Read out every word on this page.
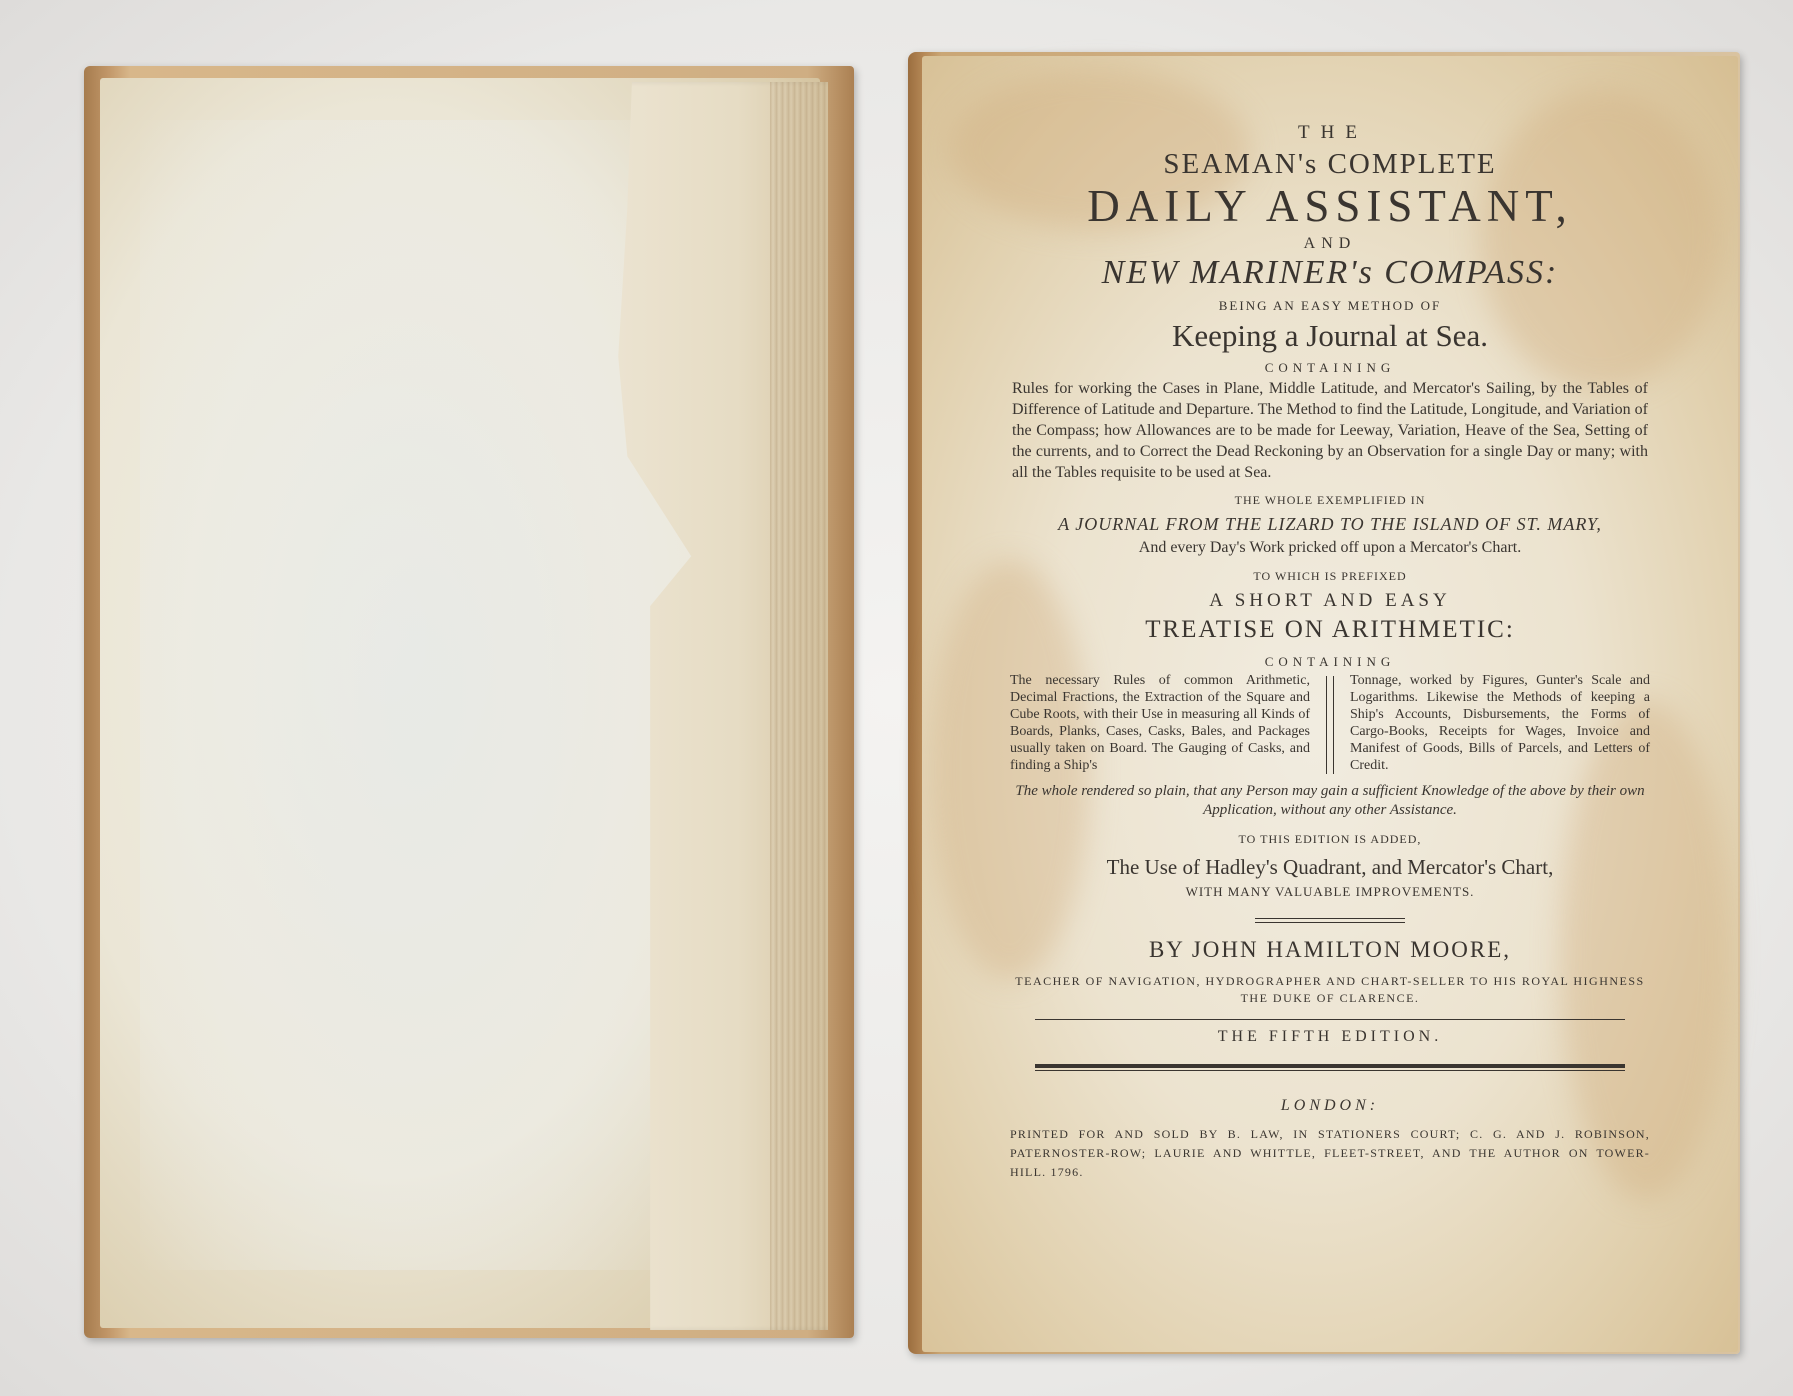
THE
SEAMAN's COMPLETE
DAILY ASSISTANT,
AND
NEW MARINER's COMPASS:
BEING AN EASY METHOD OF
Keeping a Journal at Sea.
CONTAINING
Rules for working the Cases in Plane, Middle Latitude, and Mercator's Sailing, by the Tables of Difference of Latitude and Departure. The Method to find the Latitude, Longitude, and Variation of the Compass; how Allowances are to be made for Leeway, Variation, Heave of the Sea, Setting of the currents, and to Correct the Dead Reckoning by an Observation for a single Day or many; with all the Tables requisite to be used at Sea.
THE WHOLE EXEMPLIFIED IN
A JOURNAL FROM THE LIZARD TO THE ISLAND OF ST. MARY,
And every Day's Work pricked off upon a Mercator's Chart.
TO WHICH IS PREFIXED
A SHORT AND EASY
TREATISE ON ARITHMETIC:
CONTAINING
The necessary Rules of common Arithmetic, Decimal Fractions, the Extraction of the Square and Cube Roots, with their Use in measuring all Kinds of Boards, Planks, Cases, Casks, Bales, and Packages usually taken on Board. The Gauging of Casks, and finding a Ship's
Tonnage, worked by Figures, Gunter's Scale and Logarithms. Likewise the Methods of keeping a Ship's Accounts, Disbursements, the Forms of Cargo-Books, Receipts for Wages, Invoice and Manifest of Goods, Bills of Parcels, and Letters of Credit.
The whole rendered so plain, that any Person may gain a sufficient Knowledge of the above by their own Application, without any other Assistance.
TO THIS EDITION IS ADDED,
The Use of Hadley's Quadrant, and Mercator's Chart,
WITH MANY VALUABLE IMPROVEMENTS.
BY JOHN HAMILTON MOORE,
TEACHER OF NAVIGATION, HYDROGRAPHER AND CHART-SELLER TO HIS ROYAL HIGHNESS THE DUKE OF CLARENCE.
THE FIFTH EDITION.
LONDON:
PRINTED FOR AND SOLD BY B. LAW, IN STATIONERS COURT; C. G. AND J. ROBINSON, PATERNOSTER-ROW; LAURIE AND WHITTLE, FLEET-STREET, AND THE AUTHOR ON TOWER-HILL. 1796.
